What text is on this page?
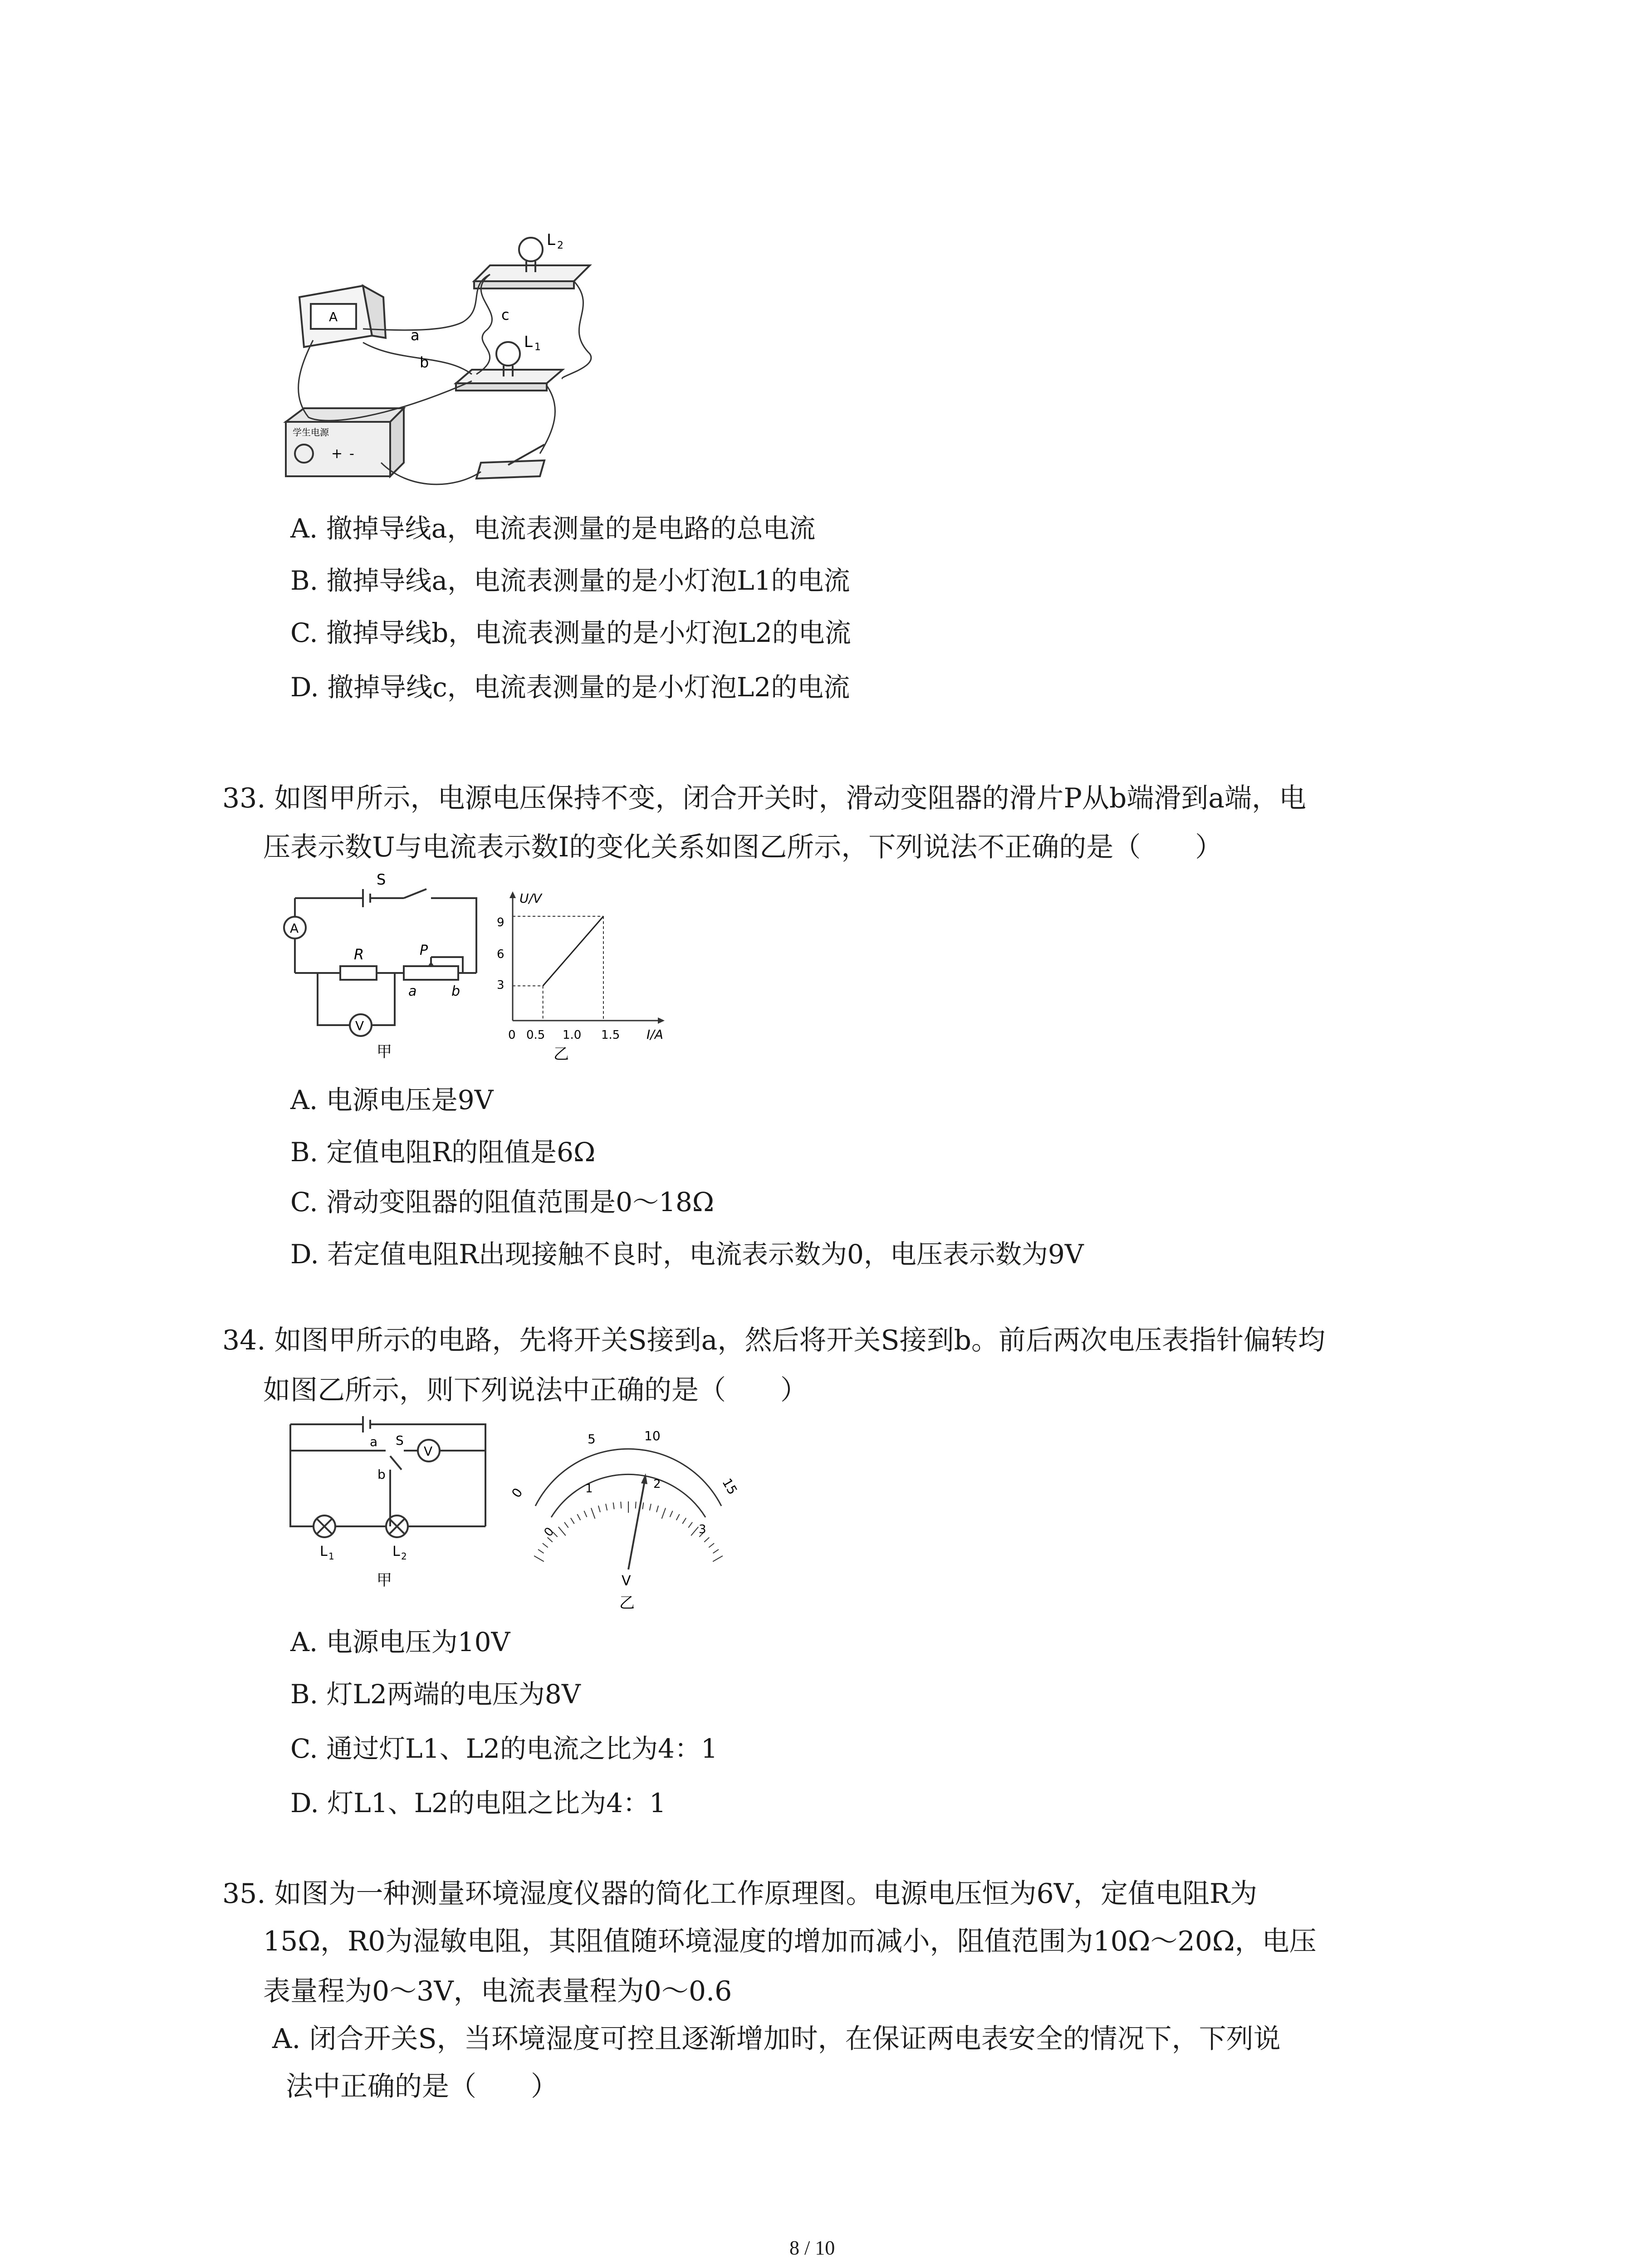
L 2
L 1
c
a
b
A
学生电源
+ -
A. 撤掉导线a，电流表测量的是电路的总电流
B. 撤掉导线a，电流表测量的是小灯泡L1的电流
C. 撤掉导线b，电流表测量的是小灯泡L2的电流
D. 撤掉导线c，电流表测量的是小灯泡L2的电流
33. 如图甲所示，电源电压保持不变，闭合开关时，滑动变阻器的滑片P从b端滑到a端，电
压表示数U与电流表示数I的变化关系如图乙所示，下列说法不正确的是（　　）
S
A
R	P
a	b
V
甲
U/V
I/A
9
6
3
0 0.5 1.0 1.5
乙
A. 电源电压是9V
B. 定值电阻R的阻值是6Ω
C. 滑动变阻器的阻值范围是0～18Ω
D. 若定值电阻R出现接触不良时，电流表示数为0，电压表示数为9V
34. 如图甲所示的电路，先将开关S接到a，然后将开关S接到b。前后两次电压表指针偏转均
如图乙所示，则下列说法中正确的是（　　）
a S
V
b
L 1	L 2
甲
0
5	10
15
0
1	2
3
V
乙
A. 电源电压为10V
B. 灯L2两端的电压为8V
C. 通过灯L1、L2的电流之比为4：1
D. 灯L1、L2的电阻之比为4：1
35. 如图为一种测量环境湿度仪器的简化工作原理图。电源电压恒为6V，定值电阻R为
15Ω，R0为湿敏电阻，其阻值随环境湿度的增加而减小，阻值范围为10Ω～20Ω，电压
表量程为0～3V，电流表量程为0～0.6
A. 闭合开关S，当环境湿度可控且逐渐增加时，在保证两电表安全的情况下，下列说
法中正确的是（　　）
8 / 10
